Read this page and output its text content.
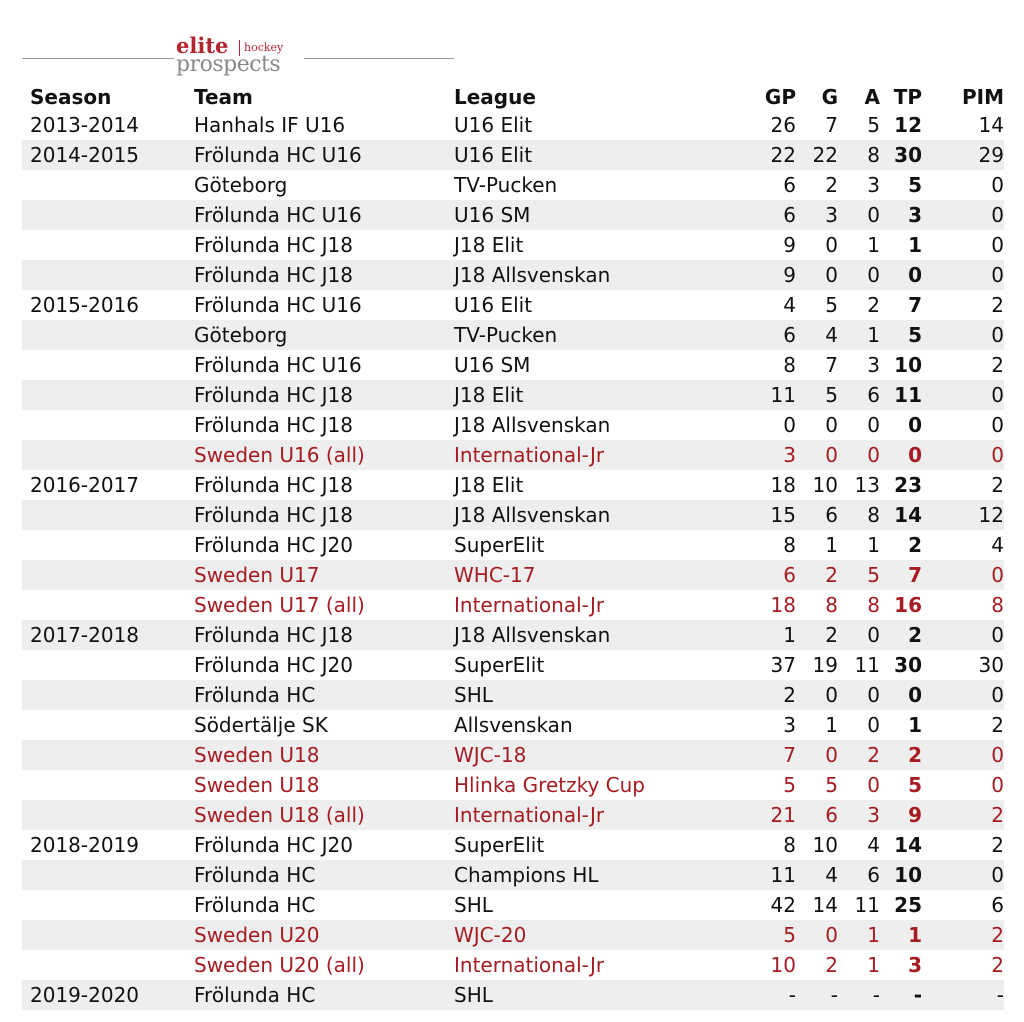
elite hockey
prospects
Season	Team	League	GP	G	A	TP	PIM
2013-2014	Hanhals IF U16	U16 Elit	26	7	5	12	14
2014-2015	Frölunda HC U16	U16 Elit	22	22	8	30	29
	Göteborg	TV-Pucken	6	2	3	5	0
	Frölunda HC U16	U16 SM	6	3	0	3	0
	Frölunda HC J18	J18 Elit	9	0	1	1	0
	Frölunda HC J18	J18 Allsvenskan	9	0	0	0	0
2015-2016	Frölunda HC U16	U16 Elit	4	5	2	7	2
	Göteborg	TV-Pucken	6	4	1	5	0
	Frölunda HC U16	U16 SM	8	7	3	10	2
	Frölunda HC J18	J18 Elit	11	5	6	11	0
	Frölunda HC J18	J18 Allsvenskan	0	0	0	0	0
	Sweden U16 (all)	International-Jr	3	0	0	0	0
2016-2017	Frölunda HC J18	J18 Elit	18	10	13	23	2
	Frölunda HC J18	J18 Allsvenskan	15	6	8	14	12
	Frölunda HC J20	SuperElit	8	1	1	2	4
	Sweden U17	WHC-17	6	2	5	7	0
	Sweden U17 (all)	International-Jr	18	8	8	16	8
2017-2018	Frölunda HC J18	J18 Allsvenskan	1	2	0	2	0
	Frölunda HC J20	SuperElit	37	19	11	30	30
	Frölunda HC	SHL	2	0	0	0	0
	Södertälje SK	Allsvenskan	3	1	0	1	2
	Sweden U18	WJC-18	7	0	2	2	0
	Sweden U18	Hlinka Gretzky Cup	5	5	0	5	0
	Sweden U18 (all)	International-Jr	21	6	3	9	2
2018-2019	Frölunda HC J20	SuperElit	8	10	4	14	2
	Frölunda HC	Champions HL	11	4	6	10	0
	Frölunda HC	SHL	42	14	11	25	6
	Sweden U20	WJC-20	5	0	1	1	2
	Sweden U20 (all)	International-Jr	10	2	1	3	2
2019-2020	Frölunda HC	SHL	-	-	-	-	-
